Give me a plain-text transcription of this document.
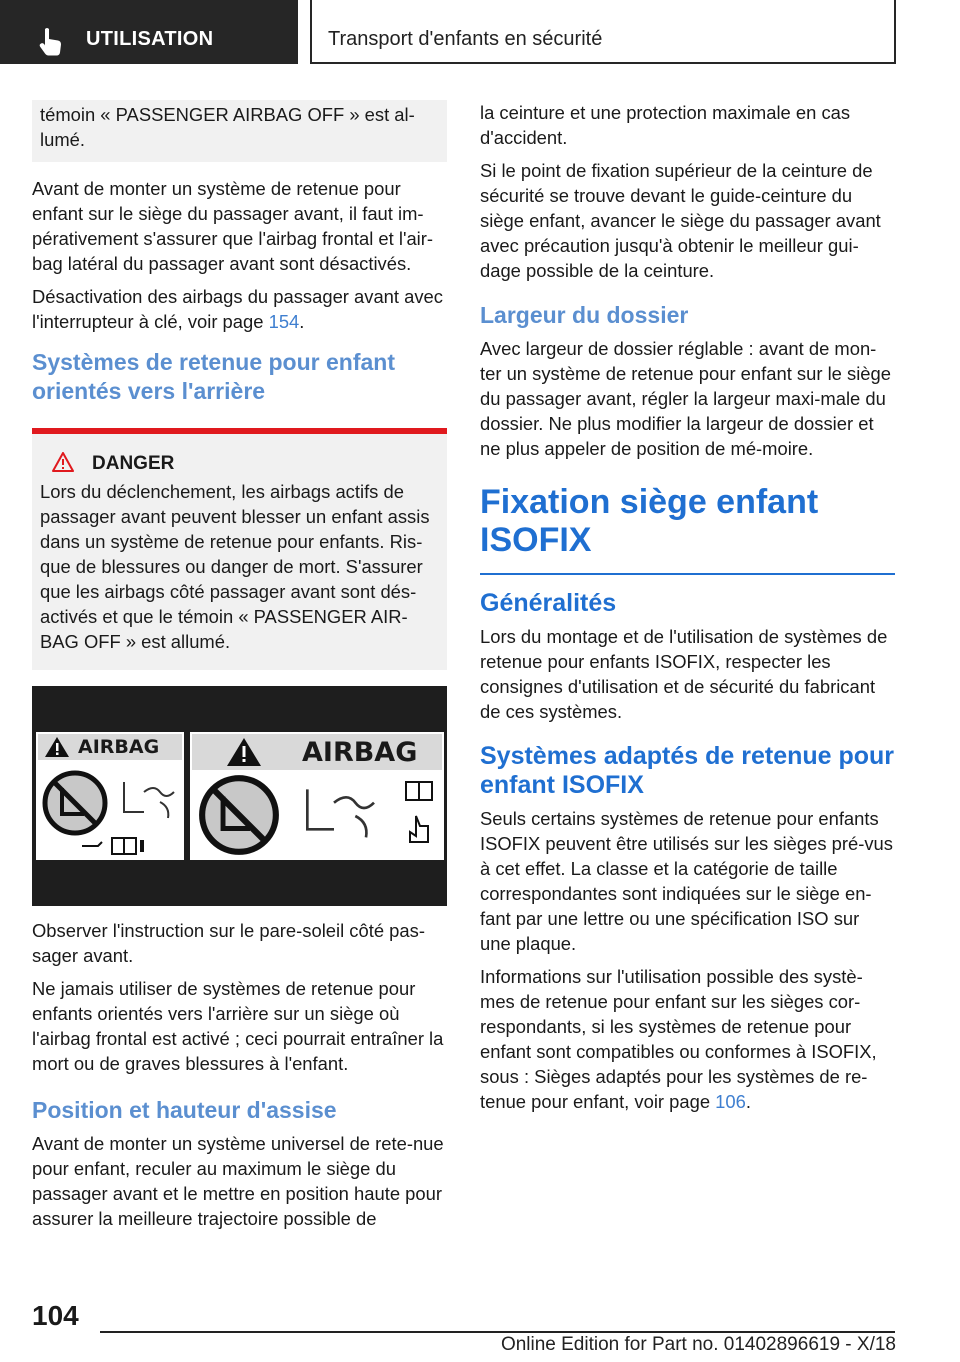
UTILISATION	Transport d'enfants en sécurité

témoin « PASSENGER AIRBAG OFF » est al-lumé.

Avant de monter un système de retenue pour enfant sur le siège du passager avant, il faut im-pérativement s'assurer que l'airbag frontal et l'air-bag latéral du passager avant sont désactivés.

Désactivation des airbags du passager avant avec l'interrupteur à clé, voir page 154.

Systèmes de retenue pour enfant orientés vers l'arrière
DANGER

Lors du déclenchement, les airbags actifs de passager avant peuvent blesser un enfant assis dans un système de retenue pour enfants. Ris-que de blessures ou danger de mort. S'assurer que les airbags côté passager avant sont dés-activés et que le témoin « PASSENGER AIR-BAG OFF » est allumé.

AIRBAG	AIRBAG

Observer l'instruction sur le pare-soleil côté pas-sager avant.

Ne jamais utiliser de systèmes de retenue pour enfants orientés vers l'arrière sur un siège où l'airbag frontal est activé ; ceci pourrait entraîner la mort ou de graves blessures à l'enfant.

Position et hauteur d'assise

Avant de monter un système universel de rete-nue pour enfant, reculer au maximum le siège du passager avant et le mettre en position haute pour assurer la meilleure trajectoire possible de

la ceinture et une protection maximale en cas d'accident.

Si le point de fixation supérieur de la ceinture de sécurité se trouve devant le guide-ceinture du siège enfant, avancer le siège du passager avant avec précaution jusqu'à obtenir le meilleur gui-dage possible de la ceinture.

Largeur du dossier

Avec largeur de dossier réglable : avant de mon-ter un système de retenue pour enfant sur le siège du passager avant, régler la largeur maxi-male du dossier. Ne plus modifier la largeur de dossier et ne plus appeler de position de mé-moire.

Fixation siège enfant ISOFIX
Généralités

Lors du montage et de l'utilisation de systèmes de retenue pour enfants ISOFIX, respecter les consignes d'utilisation et de sécurité du fabricant de ces systèmes.

Systèmes adaptés de retenue pour enfant ISOFIX

Seuls certains systèmes de retenue pour enfants ISOFIX peuvent être utilisés sur les sièges pré-vus à cet effet. La classe et la catégorie de taille correspondantes sont indiquées sur le siège en-fant par une lettre ou une spécification ISO sur une plaque.

Informations sur l'utilisation possible des systè-mes de retenue pour enfant sur les sièges cor-respondants, si les systèmes de retenue pour enfant sont compatibles ou conformes à ISOFIX, sous : Sièges adaptés pour les systèmes de re-tenue pour enfant, voir page 106.

104
Online Edition for Part no. 01402896619 - X/18
